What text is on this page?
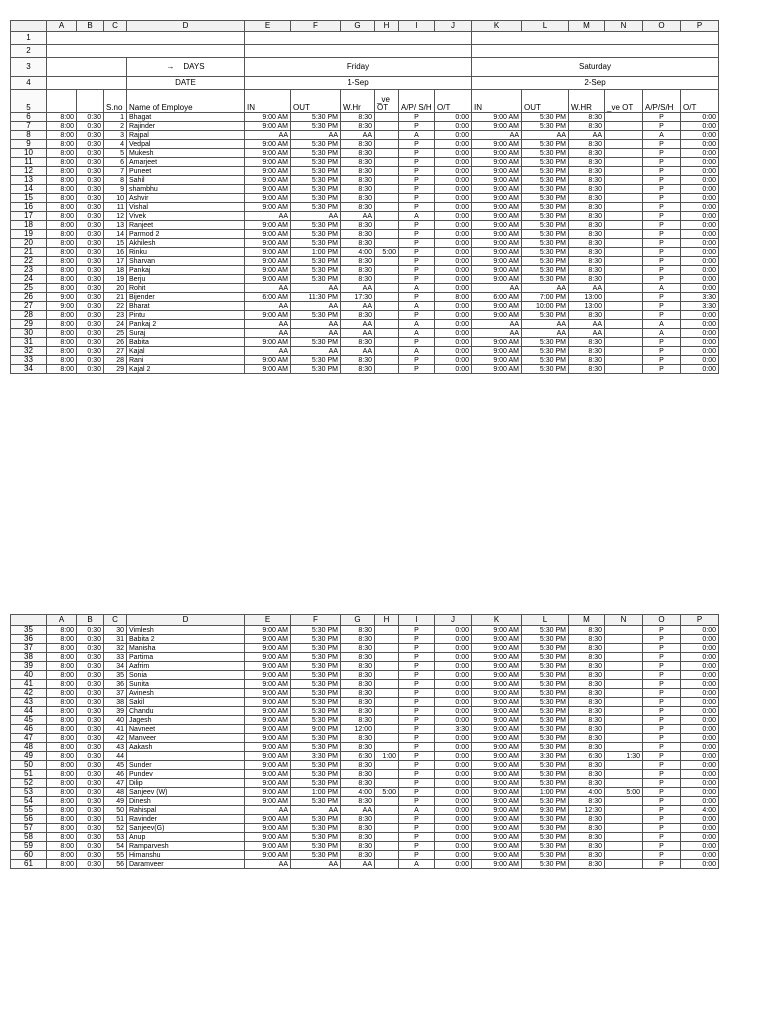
	A	B	C	D	E	F	G	H	I	J	K	L	M	N	O	P
1																
2																
3				→ DAYS	Friday						Saturday					
4				DATE	1-Sep						2-Sep					
5			S.no	Name of Employe	IN	OUT	W.Hr	_ve OT	A/P/ S/H	O/T	IN	OUT	W.HR	_ve OT	A/P/S/H	O/T
6	8:00	0:30	1	Bhagat	9:00 AM	5:30 PM	8:30		P	0:00	9:00 AM	5:30 PM	8:30		P	0:00
7	8:00	0:30	2	Rajinder	9:00 AM	5:30 PM	8:30		P	0:00	9:00 AM	5:30 PM	8:30		P	0:00
8	8:00	0:30	3	Rajpal	AA	AA	AA		A	0:00	AA	AA	AA		A	0:00
9	8:00	0:30	4	Vedpal	9:00 AM	5:30 PM	8:30		P	0:00	9:00 AM	5:30 PM	8:30		P	0:00
10	8:00	0:30	5	Mukesh	9:00 AM	5:30 PM	8:30		P	0:00	9:00 AM	5:30 PM	8:30		P	0:00
11	8:00	0:30	6	Amarjeet	9:00 AM	5:30 PM	8:30		P	0:00	9:00 AM	5:30 PM	8:30		P	0:00
12	8:00	0:30	7	Puneet	9:00 AM	5:30 PM	8:30		P	0:00	9:00 AM	5:30 PM	8:30		P	0:00
13	8:00	0:30	8	Sahil	9:00 AM	5:30 PM	8:30		P	0:00	9:00 AM	5:30 PM	8:30		P	0:00
14	8:00	0:30	9	shambhu	9:00 AM	5:30 PM	8:30		P	0:00	9:00 AM	5:30 PM	8:30		P	0:00
15	8:00	0:30	10	Ashvir	9:00 AM	5:30 PM	8:30		P	0:00	9:00 AM	5:30 PM	8:30		P	0:00
16	8:00	0:30	11	Vishal	9:00 AM	5:30 PM	8:30		P	0:00	9:00 AM	5:30 PM	8:30		P	0:00
17	8:00	0:30	12	Vivek	AA	AA	AA		A	0:00	9:00 AM	5:30 PM	8:30		P	0:00
18	8:00	0:30	13	Ranjeet	9:00 AM	5:30 PM	8:30		P	0:00	9:00 AM	5:30 PM	8:30		P	0:00
19	8:00	0:30	14	Parmod 2	9:00 AM	5:30 PM	8:30		P	0:00	9:00 AM	5:30 PM	8:30		P	0:00
20	8:00	0:30	15	Akhilesh	9:00 AM	5:30 PM	8:30		P	0:00	9:00 AM	5:30 PM	8:30		P	0:00
21	8:00	0:30	16	Rinku	9:00 AM	1:00 PM	4:00	5:00	P	0:00	9:00 AM	5:30 PM	8:30		P	0:00
22	8:00	0:30	17	Sharvan	9:00 AM	5:30 PM	8:30		P	0:00	9:00 AM	5:30 PM	8:30		P	0:00
23	8:00	0:30	18	Pankaj	9:00 AM	5:30 PM	8:30		P	0:00	9:00 AM	5:30 PM	8:30		P	0:00
24	8:00	0:30	19	Berju	9:00 AM	5:30 PM	8:30		P	0:00	9:00 AM	5:30 PM	8:30		P	0:00
25	8:00	0:30	20	Rohit	AA	AA	AA		A	0:00	AA	AA	AA		A	0:00
26	9:00	0:30	21	Bijender	6:00 AM	11:30 PM	17:30		P	8:00	6:00 AM	7:00 PM	13:00		P	3:30
27	9:00	0:30	22	Bharat	AA	AA	AA		A	0:00	9:00 AM	10:00 PM	13:00		P	3:30
28	8:00	0:30	23	Pintu	9:00 AM	5:30 PM	8:30		P	0:00	9:00 AM	5:30 PM	8:30		P	0:00
29	8:00	0:30	24	Pankaj 2	AA	AA	AA		A	0:00	AA	AA	AA		A	0:00
30	8:00	0:30	25	Suraj	AA	AA	AA		A	0:00	AA	AA	AA		A	0:00
31	8:00	0:30	26	Babita	9:00 AM	5:30 PM	8:30		P	0:00	9:00 AM	5:30 PM	8:30		P	0:00
32	8:00	0:30	27	Kajal	AA	AA	AA		A	0:00	9:00 AM	5:30 PM	8:30		P	0:00
33	8:00	0:30	28	Rani	9:00 AM	5:30 PM	8:30		P	0:00	9:00 AM	5:30 PM	8:30		P	0:00
34	8:00	0:30	29	Kajal 2	9:00 AM	5:30 PM	8:30		P	0:00	9:00 AM	5:30 PM	8:30		P	0:00
	A	B	C	D	E	F	G	H	I	J	K	L	M	N	O	P
35	8:00	0:30	30	Vimlesh	9:00 AM	5:30 PM	8:30		P	0:00	9:00 AM	5:30 PM	8:30		P	0:00
36	8:00	0:30	31	Babita 2	9:00 AM	5:30 PM	8:30		P	0:00	9:00 AM	5:30 PM	8:30		P	0:00
37	8:00	0:30	32	Manisha	9:00 AM	5:30 PM	8:30		P	0:00	9:00 AM	5:30 PM	8:30		P	0:00
38	8:00	0:30	33	Partima	9:00 AM	5:30 PM	8:30		P	0:00	9:00 AM	5:30 PM	8:30		P	0:00
39	8:00	0:30	34	Aafrim	9:00 AM	5:30 PM	8:30		P	0:00	9:00 AM	5:30 PM	8:30		P	0:00
40	8:00	0:30	35	Sonia	9:00 AM	5:30 PM	8:30		P	0:00	9:00 AM	5:30 PM	8:30		P	0:00
41	8:00	0:30	36	Sunita	9:00 AM	5:30 PM	8:30		P	0:00	9:00 AM	5:30 PM	8:30		P	0:00
42	8:00	0:30	37	Avinesh	9:00 AM	5:30 PM	8:30		P	0:00	9:00 AM	5:30 PM	8:30		P	0:00
43	8:00	0:30	38	Sakil	9:00 AM	5:30 PM	8:30		P	0:00	9:00 AM	5:30 PM	8:30		P	0:00
44	8:00	0:30	39	Chandu	9:00 AM	5:30 PM	8:30		P	0:00	9:00 AM	5:30 PM	8:30		P	0:00
45	8:00	0:30	40	Jagesh	9:00 AM	5:30 PM	8:30		P	0:00	9:00 AM	5:30 PM	8:30		P	0:00
46	8:00	0:30	41	Navneet	9:00 AM	9:00 PM	12:00		P	3:30	9:00 AM	5:30 PM	8:30		P	0:00
47	8:00	0:30	42	Manveer	9:00 AM	5:30 PM	8:30		P	0:00	9:00 AM	5:30 PM	8:30		P	0:00
48	8:00	0:30	43	Aakash	9:00 AM	5:30 PM	8:30		P	0:00	9:00 AM	5:30 PM	8:30		P	0:00
49	8:00	0:30	44		9:00 AM	3:30 PM	6:30	1:00	P	0:00	9:00 AM	3:30 PM	6:30	1:30	P	0:00
50	8:00	0:30	45	Sunder	9:00 AM	5:30 PM	8:30		P	0:00	9:00 AM	5:30 PM	8:30		P	0:00
51	8:00	0:30	46	Pundev	9:00 AM	5:30 PM	8:30		P	0:00	9:00 AM	5:30 PM	8:30		P	0:00
52	8:00	0:30	47	Dilip	9:00 AM	5:30 PM	8:30		P	0:00	9:00 AM	5:30 PM	8:30		P	0:00
53	8:00	0:30	48	Sanjeev (W)	9:00 AM	1:00 PM	4:00	5:00	P	0:00	9:00 AM	1:00 PM	4:00	5:00	P	0:00
54	8:00	0:30	49	Dinesh	9:00 AM	5:30 PM	8:30		P	0:00	9:00 AM	5:30 PM	8:30		P	0:00
55	8:00	0:30	50	Rahispal	AA	AA	AA		A	0:00	9:00 AM	9:30 PM	12:30		P	4:00
56	8:00	0:30	51	Ravinder	9:00 AM	5:30 PM	8:30		P	0:00	9:00 AM	5:30 PM	8:30		P	0:00
57	8:00	0:30	52	Sanjeev(G)	9:00 AM	5:30 PM	8:30		P	0:00	9:00 AM	5:30 PM	8:30		P	0:00
58	8:00	0:30	53	Anup	9:00 AM	5:30 PM	8:30		P	0:00	9:00 AM	5:30 PM	8:30		P	0:00
59	8:00	0:30	54	Ramparvesh	9:00 AM	5:30 PM	8:30		P	0:00	9:00 AM	5:30 PM	8:30		P	0:00
60	8:00	0:30	55	Himanshu	9:00 AM	5:30 PM	8:30		P	0:00	9:00 AM	5:30 PM	8:30		P	0:00
61	8:00	0:30	56	Daramveer	AA	AA	AA		A	0:00	9:00 AM	5:30 PM	8:30		P	0:00
